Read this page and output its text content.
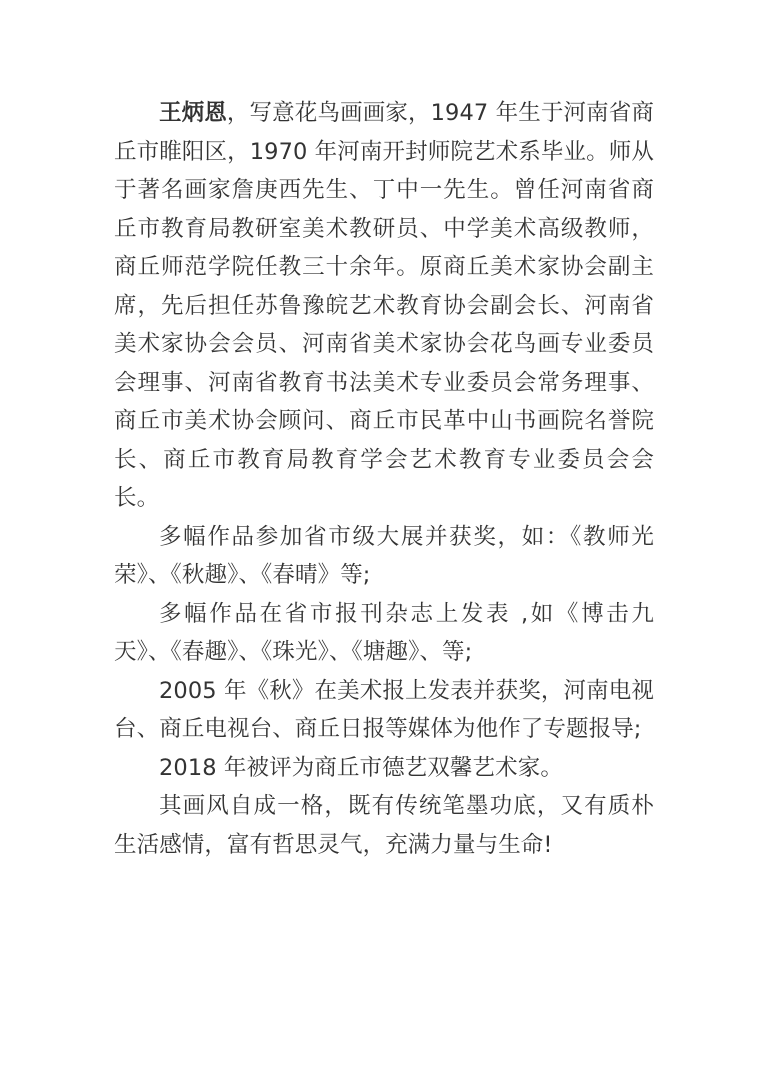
王炳恩，写意花鸟画画家，1947 年生于河南省商丘市睢阳区，1970 年河南开封师院艺术系毕业。师从于著名画家詹庚西先生、丁中一先生。曾任河南省商丘市教育局教研室美术教研员、中学美术高级教师，商丘师范学院任教三十余年。原商丘美术家协会副主席，先后担任苏鲁豫皖艺术教育协会副会长、河南省美术家协会会员、河南省美术家协会花鸟画专业委员会理事、河南省教育书法美术专业委员会常务理事、商丘市美术协会顾问、商丘市民革中山书画院名誉院长、商丘市教育局教育学会艺术教育专业委员会会长。

多幅作品参加省市级大展并获奖，如：《教师光荣》、《秋趣》、《春晴》等;

多幅作品在省市报刊杂志上发表 ,如《博击九天》、《春趣》、《珠光》、《塘趣》、等;

2005 年《秋》在美术报上发表并获奖，河南电视台、商丘电视台、商丘日报等媒体为他作了专题报导;

2018 年被评为商丘市德艺双馨艺术家。

其画风自成一格，既有传统笔墨功底，又有质朴生活感情，富有哲思灵气，充满力量与生命!
